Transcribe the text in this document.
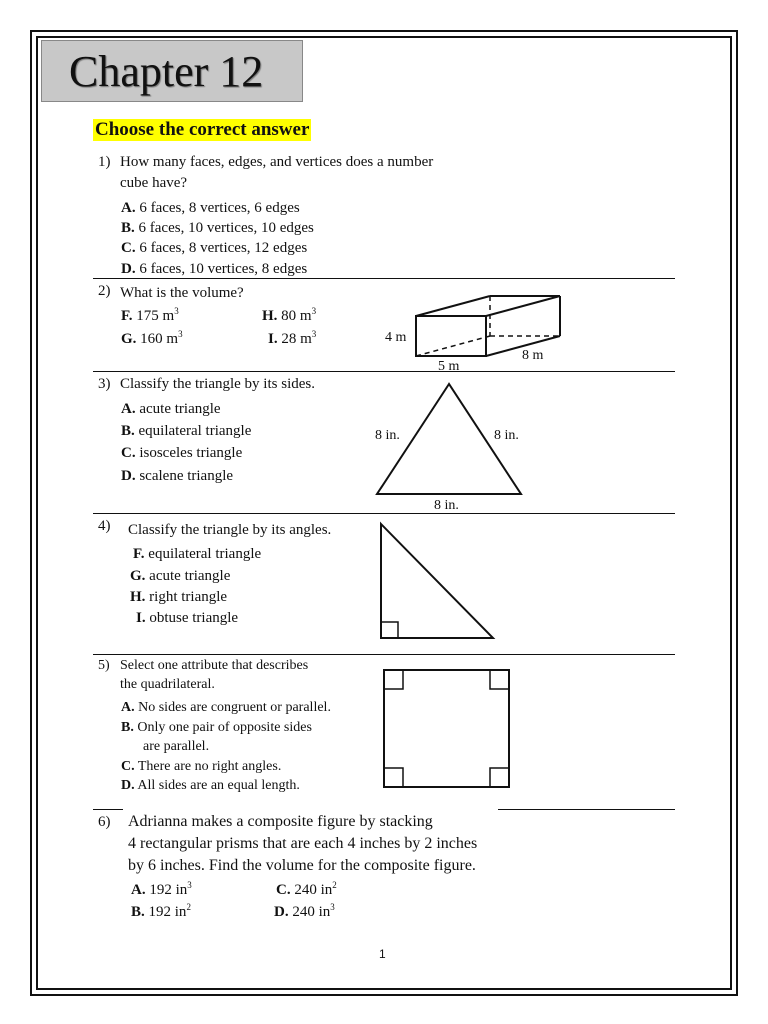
Chapter 12
Choose the correct answer
1) How many faces, edges, and vertices does a number
cube have?
A. 6 faces, 8 vertices, 6 edges
B. 6 faces, 10 vertices, 10 edges
C. 6 faces, 8 vertices, 12 edges
D. 6 faces, 10 vertices, 8 edges
2) What is the volume?
F. 175 $m^3$	H. 80 $m^3$
G. 160 $m^3$	I. 28 $m^3$	4 m
8 m
5 m
3) Classify the triangle by its sides.
A. acute triangle
B. equilateral triangle
C. isosceles triangle
D. scalene triangle
8 in.	8 in.
8 in.
4) Classify the triangle by its angles.
F. equilateral triangle
G. acute triangle
H. right triangle
I. obtuse triangle
5) Select one attribute that describes
the quadrilateral.
A. No sides are congruent or parallel.
B. Only one pair of opposite sides
are parallel.
C. There are no right angles.
D. All sides are an equal length.
6) Adrianna makes a composite figure by stacking
4 rectangular prisms that are each 4 inches by 2 inches
by 6 inches. Find the volume for the composite figure.
A. 192 $in^3$	C. 240 $in^2$
B. 192 $in^2$	D. 240 $in^3$
1
